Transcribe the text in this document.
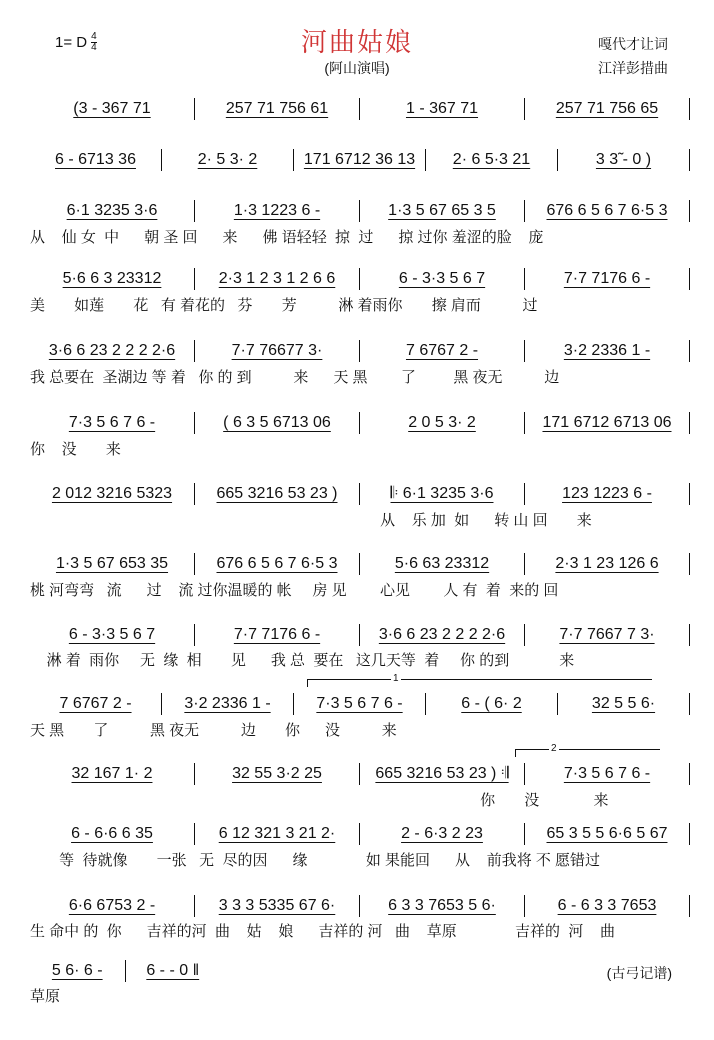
1= D $\frac{4}{4}$	河曲姑娘
(阿山演唱)
嘎代才让词
江洋彭措曲
(3 - 367 71	257 71 756 61	1 - 367 71	257 71 756 65
6 - 6713 36	2· 5 3· 2	171 6712 36 13	2· 6 5·3 21	3 3̃ - 0 )
6·1 3235 3·6	1·3 1223 6 -	1·3 5 67 65 3 5	676 6 5 6 7 6·5 3
从    仙 女  中      朝 圣 回      来      佛 语轻轻  掠  过      掠 过你 羞涩的脸    庞
5·6 6 3 23312	2·3 1 2 3 1 2 6 6	6 - 3·3 5 6 7	7·7 7176 6 -
美       如莲       花   有 着花的   芬       芳          淋 着雨你       擦 肩而          过
3·6 6 23 2 2 2 2·6	7·7 76677 3·	7 6767 2 -	3·2 2336 1 -
我 总要在  圣湖边 等 着   你 的 到          来      天 黑        了         黑 夜无          边
7·3 5 6 7 6 -	( 6 3 5 6713 06	2 0 5 3· 2	171 6712 6713 06
你    没       来
2 012 3216 5323	665 3216 53 23 )	𝄆 6·1 3235 3·6	123 1223 6 -
从    乐 加  如      转 山 回       来
1·3 5 67 653 35	676 6 5 6 7 6·5 3	5·6 63 23312	2·3 1 23 126 6
桃 河弯弯   流      过    流 过你温暖的 帐     房 见        心见        人 有  着  来的 回
6 - 3·3 5 6 7	7·7 7176 6 -	3·6 6 23 2 2 2 2·6	7·7 7667 7 3·
淋 着  雨你     无  缘  相       见      我 总  要在   这几天等  着     你 的到            来
7 6767 2 -	3·2 2336 1 -	7·3 5 6 7 6 -	6 - ( 6· 2	32 5 5 6·
天 黑       了          黑 夜无          边       你      没          来
32 167 1· 2	32 55 3·2 25	665 3216 53 23 ) 𝄇	7·3 5 6 7 6 -
你       没             来
6 - 6·6 6 35	6 12 321 3 21 2·	2 - 6·3 2 23	65 3 5 5 6·6 5 67
等  待就像       一张   无  尽的因      缘              如 果能回      从    前我将 不 愿错过
6·6 6753 2 -	3 3 3 5335 67 6·	6 3 3 7653 5 6·	6 - 6 3 3 7653
生 命中 的  你      吉祥的河  曲    姑    娘      吉祥的 河   曲    草原              吉祥的  河    曲
5 6· 6 -	6 - - 0 ‖
草原
1
2
(古弓记谱)
